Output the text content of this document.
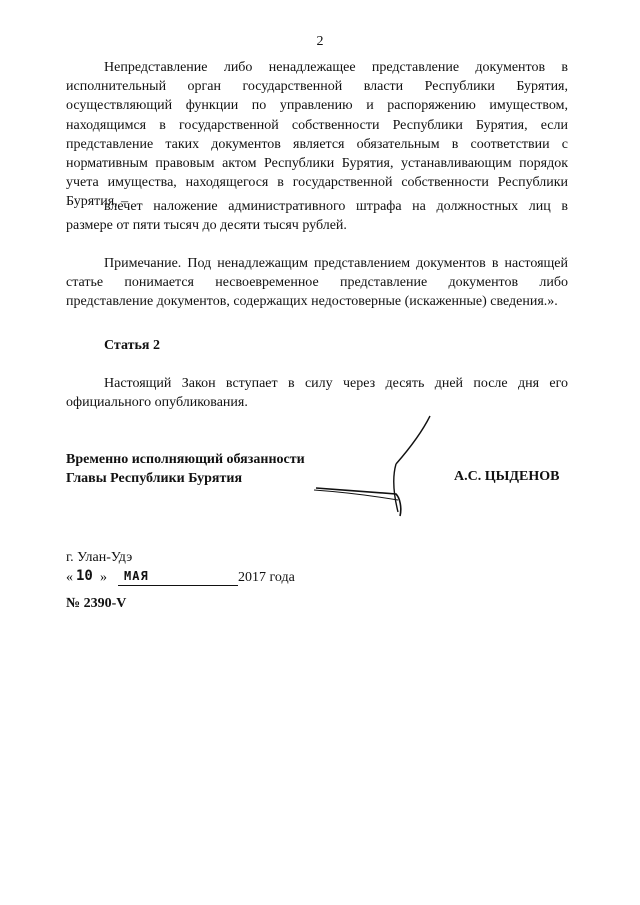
2

Непредставление либо ненадлежащее представление документов в исполнительный орган государственной власти Республики Бурятия, осуществляющий функции по управлению и распоряжению имуществом, находящимся в государственной собственности Республики Бурятия, если представление таких документов является обязательным в соответствии с нормативным правовым актом Республики Бурятия, устанавливающим порядок учета имущества, находящегося в государственной собственности Республики Бурятия, –

влечет наложение административного штрафа на должностных лиц в размере от пяти тысяч до десяти тысяч рублей.

Примечание. Под ненадлежащим представлением документов в настоящей статье понимается несвоевременное представление документов либо представление документов, содержащих недостоверные (искаженные) сведения.».

Статья 2

Настоящий Закон вступает в силу через десять дней после дня его официального опубликования.

Временно исполняющий обязанности
Главы Республики Бурятия	А.С. ЦЫДЕНОВ
г. Улан-Удэ
« 10 » МАЯ	2017 года
№ 2390-V
